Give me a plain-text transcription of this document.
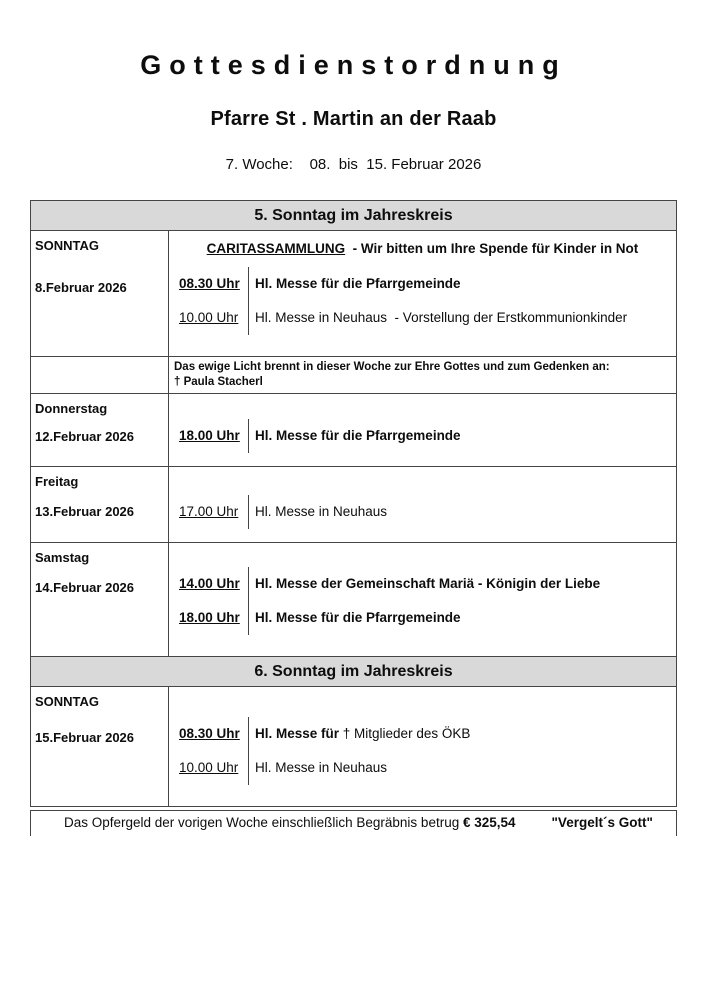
Gottesdienstordnung
Pfarre St . Martin an der Raab
7. Woche:    08.  bis  15. Februar 2026
5. Sonntag im Jahreskreis
SONNTAG
8.Februar 2026
CARITASSAMMLUNG  - Wir bitten um Ihre Spende für Kinder in Not
08.30 Uhr	Hl. Messe für die Pfarrgemeinde
10.00 Uhr	Hl. Messe in Neuhaus  - Vorstellung der Erstkommunionkinder
Das ewige Licht brennt in dieser Woche zur Ehre Gottes und zum Gedenken an:
† Paula Stacherl
Donnerstag
12.Februar 2026	18.00 Uhr	Hl. Messe für die Pfarrgemeinde
Freitag
13.Februar 2026	17.00 Uhr	Hl. Messe in Neuhaus
Samstag
14.Februar 2026	14.00 Uhr	Hl. Messe der Gemeinschaft Mariä - Königin der Liebe
18.00 Uhr	Hl. Messe für die Pfarrgemeinde
6. Sonntag im Jahreskreis
SONNTAG
15.Februar 2026	08.30 Uhr	Hl. Messe für † Mitglieder des ÖKB
10.00 Uhr	Hl. Messe in Neuhaus
Das Opfergeld der vorigen Woche einschließlich Begräbnis betrug € 325,54	"Vergelt´s Gott"
